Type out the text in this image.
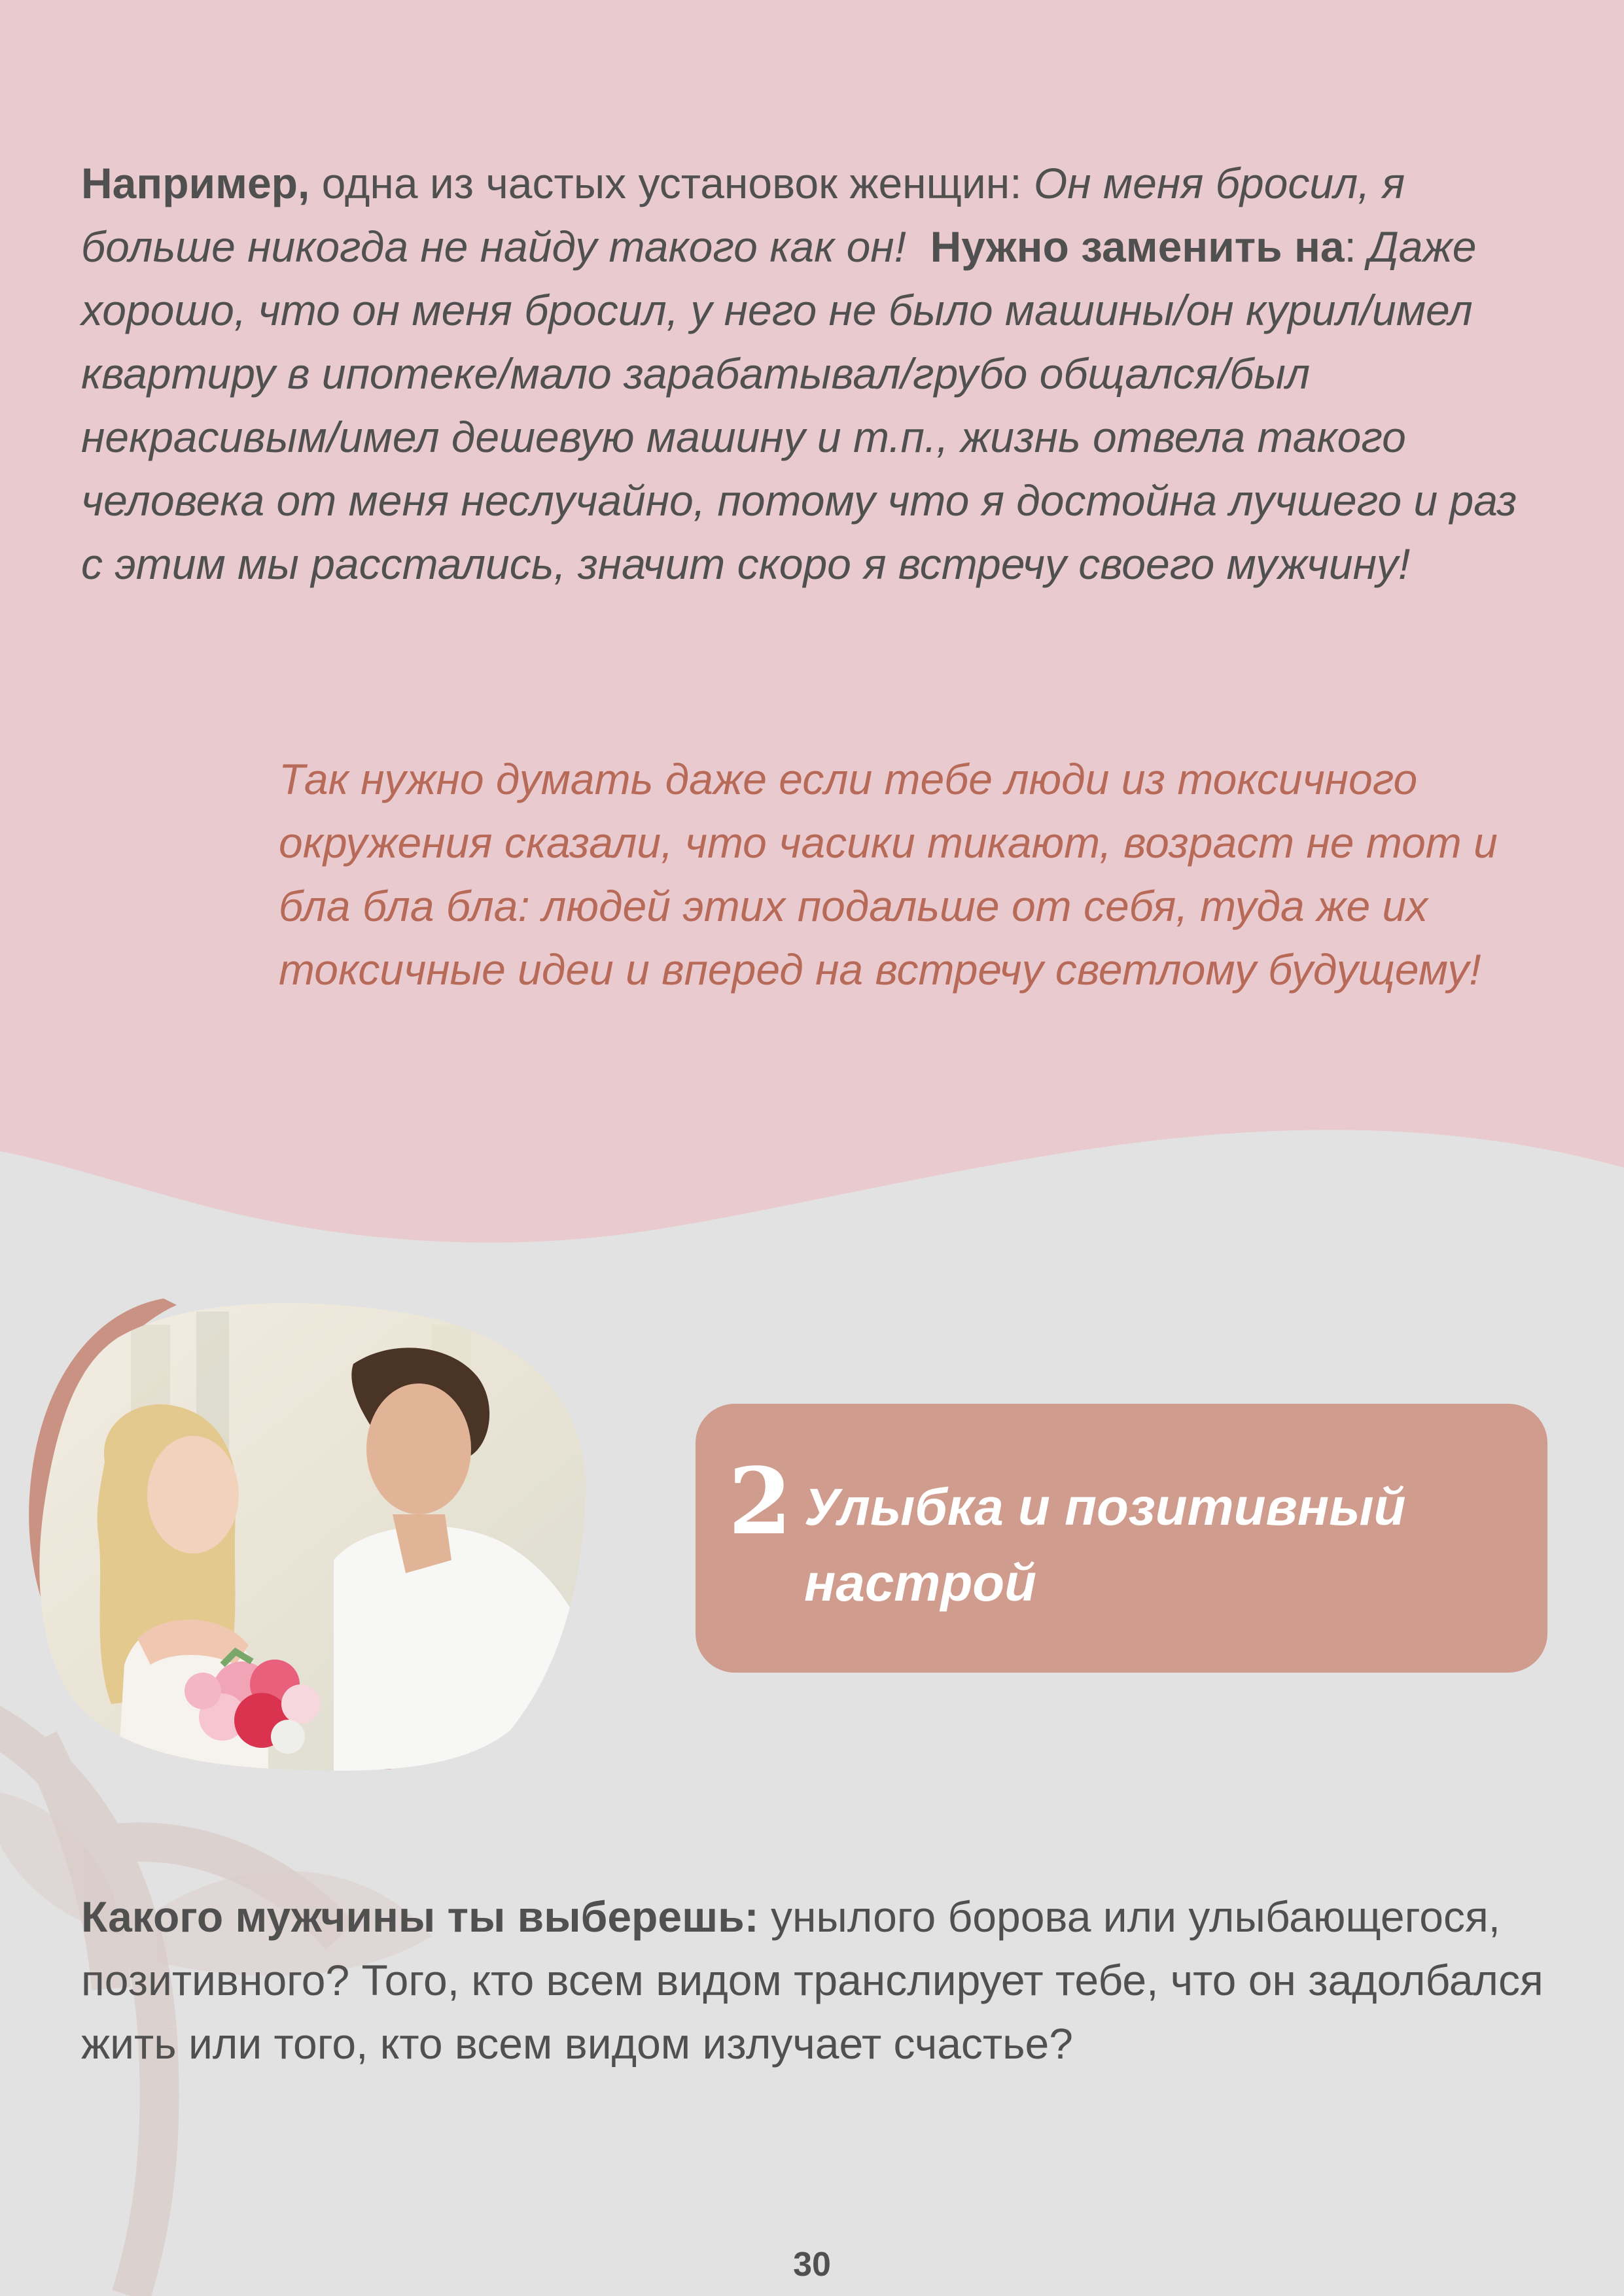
Например, одна из частых установок женщин: Он меня бросил, я больше никогда не найду такого как он! Нужно заменить на: Даже хорошо, что он меня бросил, у него не было машины/он курил/имел квартиру в ипотеке/мало зарабатывал/грубо общался/был некрасивым/имел дешевую машину и т.п., жизнь отвела такого человека от меня неслучайно, потому что я достойна лучшего и раз с этим мы расстались, значит скоро я встречу своего мужчину!
Так нужно думать даже если тебе люди из токсичного окружения сказали, что часики тикают, возраст не тот и бла бла бла: людей этих подальше от себя, туда же их токсичные идеи и вперед на встречу светлому будущему!
2 Улыбка и позитивный
настрой
Какого мужчины ты выберешь: унылого борова или улыбающегося, позитивного? Того, кто всем видом транслирует тебе, что он задолбался жить или того, кто всем видом излучает счастье?
30
